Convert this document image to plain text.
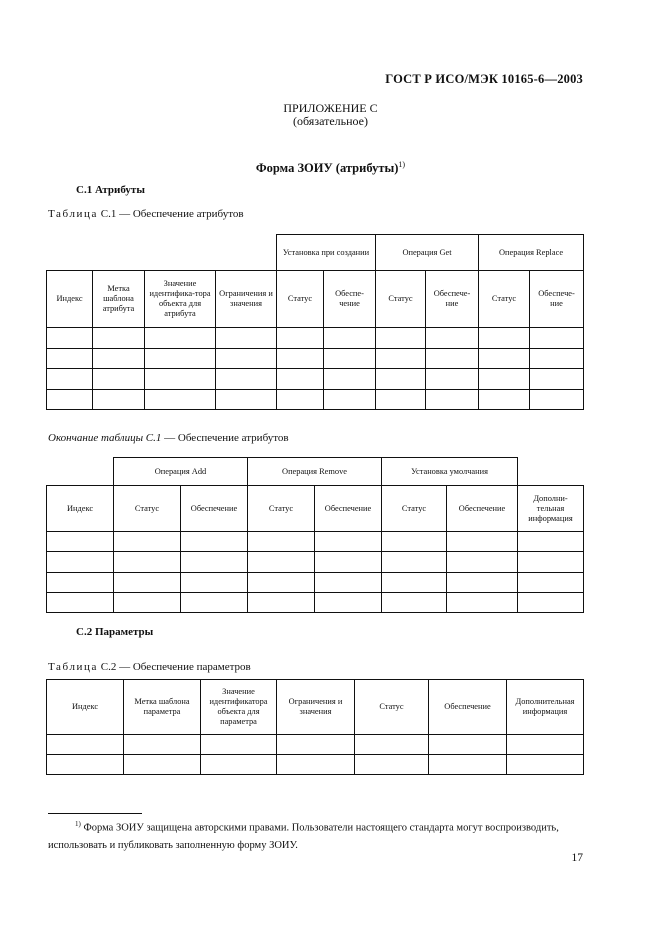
ГОСТ Р ИСО/МЭК 10165-6—2003
ПРИЛОЖЕНИЕ С
(обязательное)
Форма ЗОИУ (атрибуты)$^{1)}$
С.1 Атрибуты
Таблица С.1 — Обеспечение атрибутов
				Установка при создании		Операция Get		Операция Replace	
Индекс	Метка шаблона атрибута	Значение идентифика-тора объекта для атрибута	Ограничения и значения	Статус	Обеспе-чение	Статус	Обеспече-ние	Статус	Обеспече-ние

Окончание таблицы С.1 — Обеспечение атрибутов
	Операция Add		Операция Remove		Установка умолчания		
Индекс	Статус	Обеспечение	Статус	Обеспечение	Статус	Обеспечение	Дополни-тельная информация

С.2 Параметры
Таблица С.2 — Обеспечение параметров
Индекс	Метка шаблона параметра	Значение идентификатора объекта для параметра	Ограничения и значения	Статус	Обеспечение	Дополнительная информация

$^{1)}$ Форма ЗОИУ защищена авторскими правами. Пользователи настоящего стандарта могут воспроизводить, использовать и публиковать заполненную форму ЗОИУ.
17
